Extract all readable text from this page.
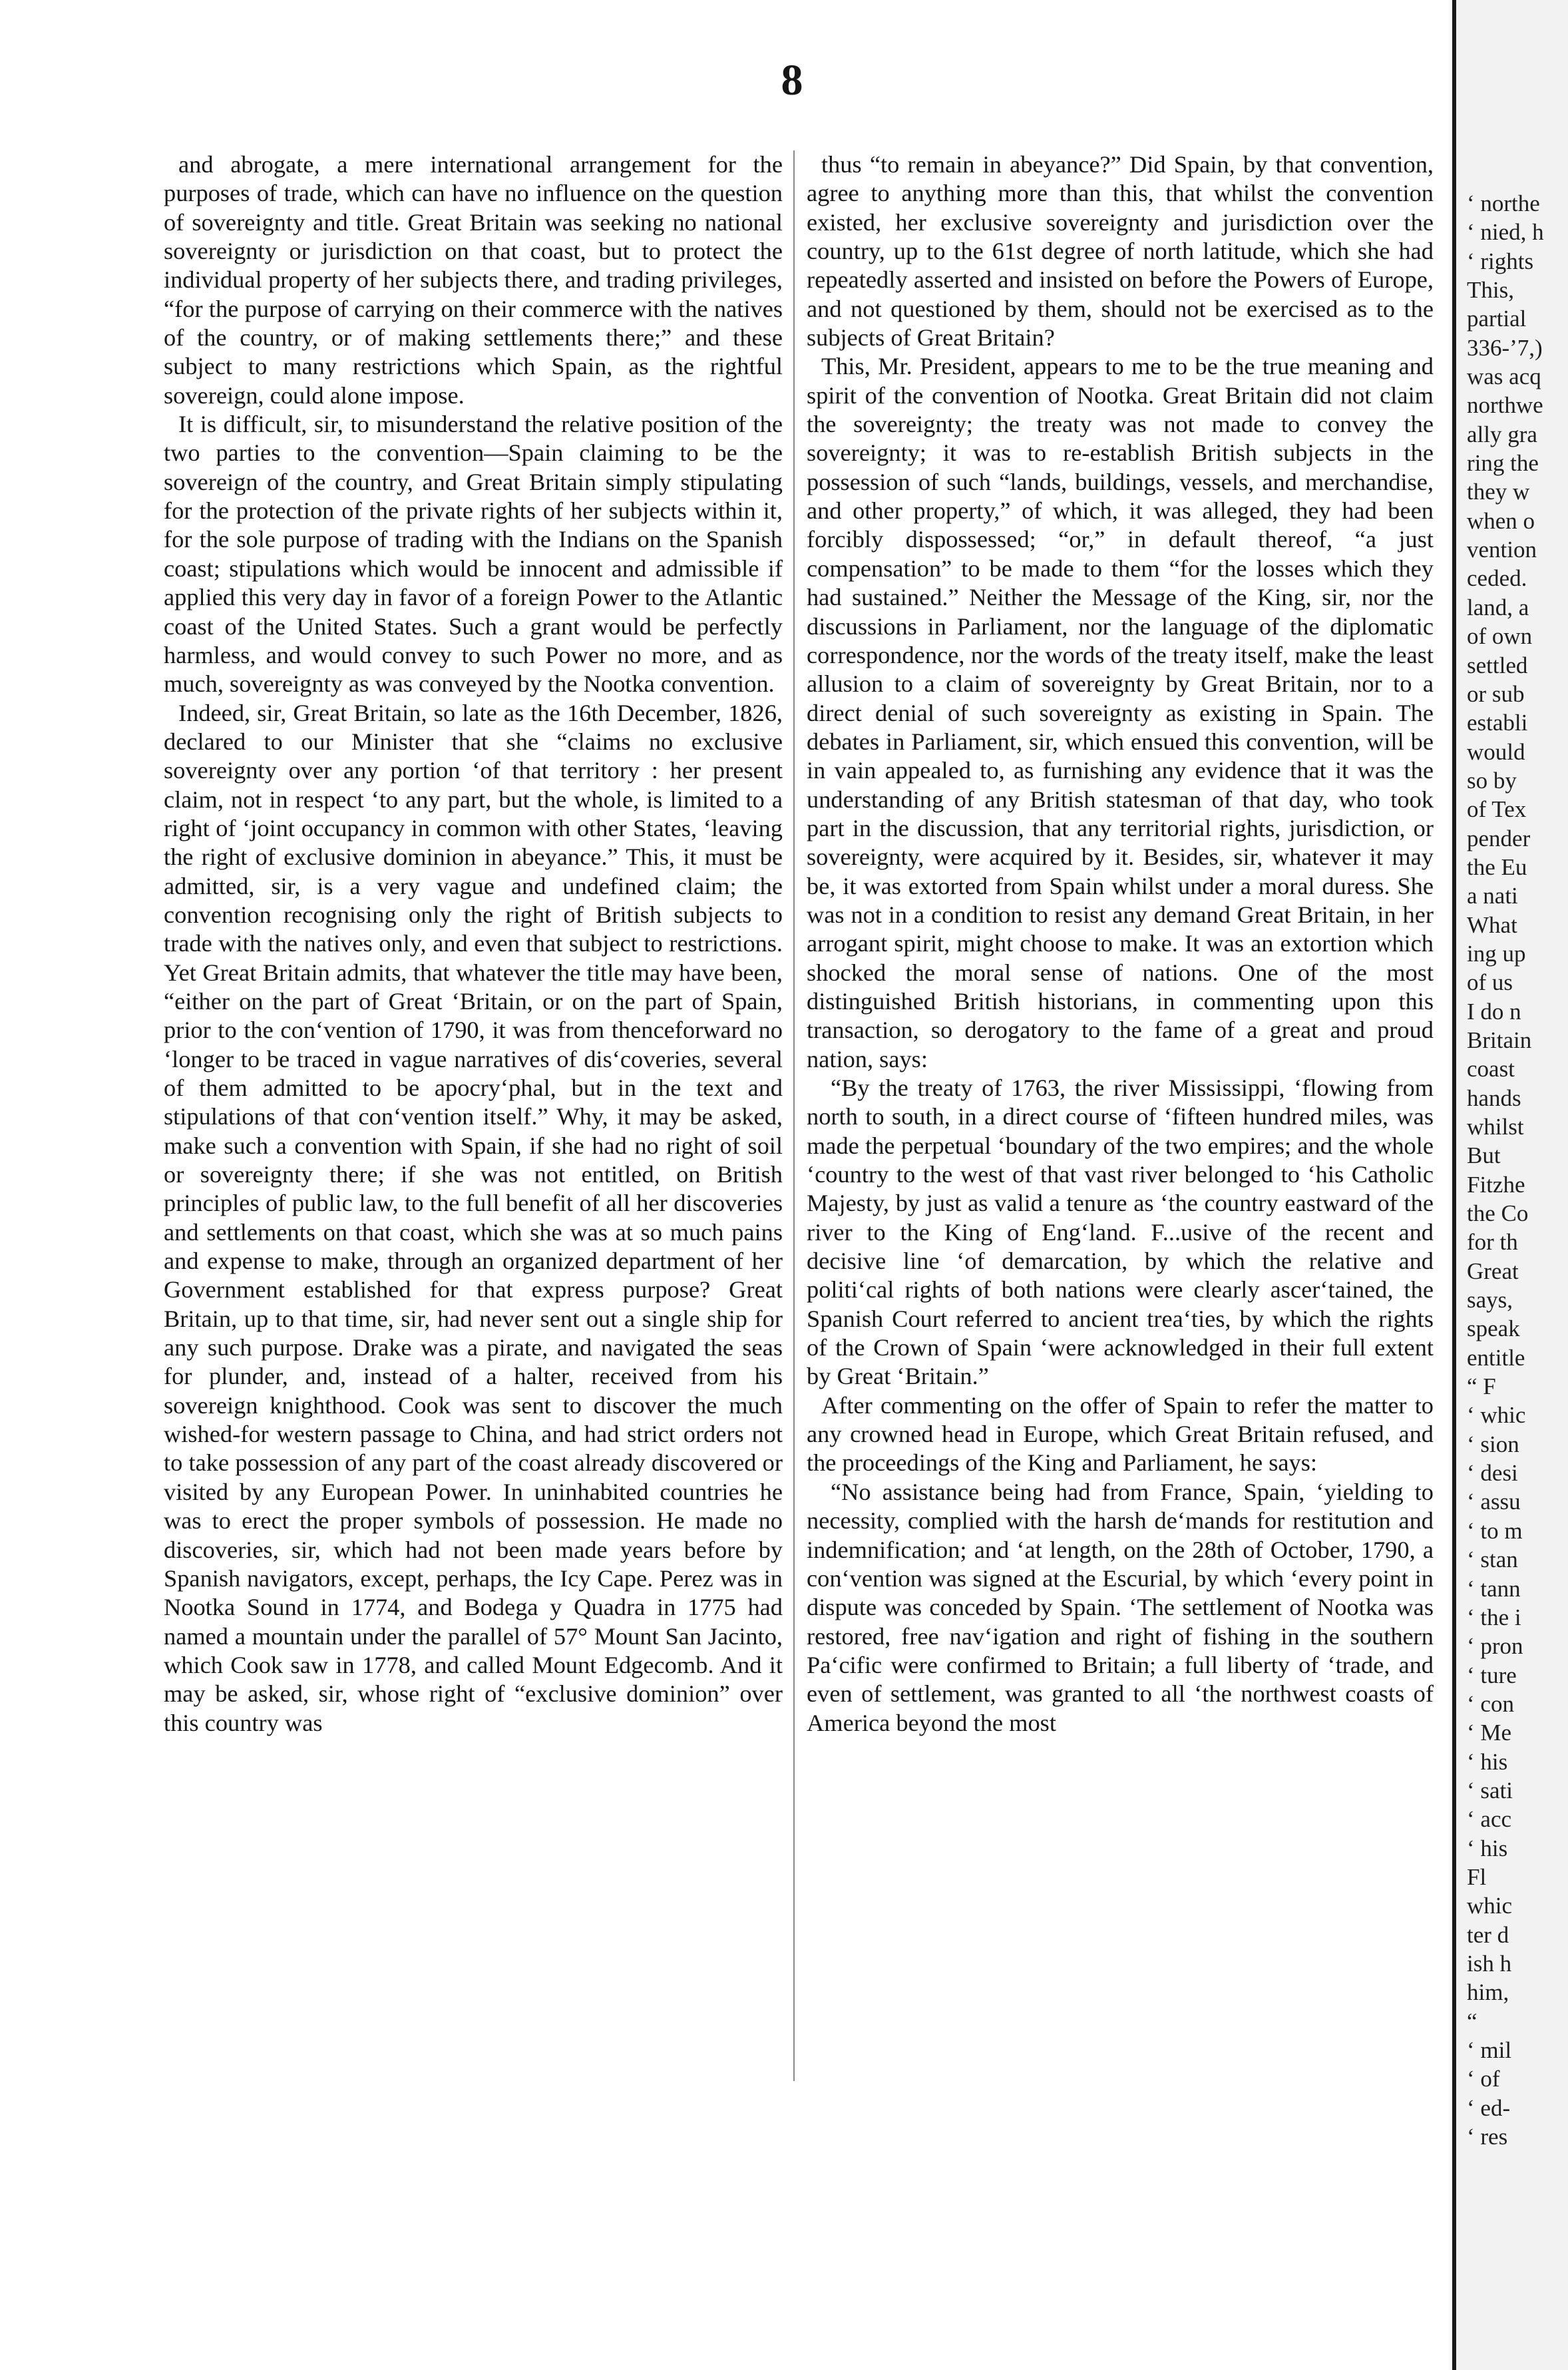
8

and abrogate, a mere international arrangement for the purposes of trade, which can have no influence on the question of sovereignty and title. Great Britain was seeking no national sovereignty or jurisdiction on that coast, but to protect the individual property of her subjects there, and trading privileges, “for the purpose of carrying on their commerce with the natives of the country, or of making settlements there;” and these subject to many restrictions which Spain, as the rightful sovereign, could alone impose.

It is difficult, sir, to misunderstand the relative position of the two parties to the convention—Spain claiming to be the sovereign of the country, and Great Britain simply stipulating for the protection of the private rights of her subjects within it, for the sole purpose of trading with the Indians on the Spanish coast; stipulations which would be innocent and admissible if applied this very day in favor of a foreign Power to the Atlantic coast of the United States. Such a grant would be perfectly harmless, and would convey to such Power no more, and as much, sovereignty as was conveyed by the Nootka convention.

Indeed, sir, Great Britain, so late as the 16th December, 1826, declared to our Minister that she “claims no exclusive sovereignty over any portion ‘of that territory : her present claim, not in respect ‘to any part, but the whole, is limited to a right of ‘joint occupancy in common with other States, ‘leaving the right of exclusive dominion in abeyance.” This, it must be admitted, sir, is a very vague and undefined claim; the convention recognising only the right of British subjects to trade with the natives only, and even that subject to restrictions. Yet Great Britain admits, that whatever the title may have been, “either on the part of Great ‘Britain, or on the part of Spain, prior to the con‘vention of 1790, it was from thenceforward no ‘longer to be traced in vague narratives of dis‘coveries, several of them admitted to be apocry‘phal, but in the text and stipulations of that con‘vention itself.” Why, it may be asked, make such a convention with Spain, if she had no right of soil or sovereignty there; if she was not entitled, on British principles of public law, to the full benefit of all her discoveries and settlements on that coast, which she was at so much pains and expense to make, through an organized department of her Government established for that express purpose? Great Britain, up to that time, sir, had never sent out a single ship for any such purpose. Drake was a pirate, and navigated the seas for plunder, and, instead of a halter, received from his sovereign knighthood. Cook was sent to discover the much wished-for western passage to China, and had strict orders not to take possession of any part of the coast already discovered or visited by any European Power. In uninhabited countries he was to erect the proper symbols of possession. He made no discoveries, sir, which had not been made years before by Spanish navigators, except, perhaps, the Icy Cape. Perez was in Nootka Sound in 1774, and Bodega y Quadra in 1775 had named a mountain under the parallel of 57° Mount San Jacinto, which Cook saw in 1778, and called Mount Edgecomb. And it may be asked, sir, whose right of “exclusive dominion” over this country was

thus “to remain in abeyance?” Did Spain, by that convention, agree to anything more than this, that whilst the convention existed, her exclusive sovereignty and jurisdiction over the country, up to the 61st degree of north latitude, which she had repeatedly asserted and insisted on before the Powers of Europe, and not questioned by them, should not be exercised as to the subjects of Great Britain?

This, Mr. President, appears to me to be the true meaning and spirit of the convention of Nootka. Great Britain did not claim the sovereignty; the treaty was not made to convey the sovereignty; it was to re-establish British subjects in the possession of such “lands, buildings, vessels, and merchandise, and other property,” of which, it was alleged, they had been forcibly dispossessed; “or,” in default thereof, “a just compensation” to be made to them “for the losses which they had sustained.” Neither the Message of the King, sir, nor the discussions in Parliament, nor the language of the diplomatic correspondence, nor the words of the treaty itself, make the least allusion to a claim of sovereignty by Great Britain, nor to a direct denial of such sovereignty as existing in Spain. The debates in Parliament, sir, which ensued this convention, will be in vain appealed to, as furnishing any evidence that it was the understanding of any British statesman of that day, who took part in the discussion, that any territorial rights, jurisdiction, or sovereignty, were acquired by it. Besides, sir, whatever it may be, it was extorted from Spain whilst under a moral duress. She was not in a condition to resist any demand Great Britain, in her arrogant spirit, might choose to make. It was an extortion which shocked the moral sense of nations. One of the most distinguished British historians, in commenting upon this transaction, so derogatory to the fame of a great and proud nation, says:

“By the treaty of 1763, the river Mississippi, ‘flowing from north to south, in a direct course of ‘fifteen hundred miles, was made the perpetual ‘boundary of the two empires; and the whole ‘country to the west of that vast river belonged to ‘his Catholic Majesty, by just as valid a tenure as ‘the country eastward of the river to the King of Eng‘land. F...usive of the recent and decisive line ‘of demarcation, by which the relative and politi‘cal rights of both nations were clearly ascer‘tained, the Spanish Court referred to ancient trea‘ties, by which the rights of the Crown of Spain ‘were acknowledged in their full extent by Great ‘Britain.”

After commenting on the offer of Spain to refer the matter to any crowned head in Europe, which Great Britain refused, and the proceedings of the King and Parliament, he says:

“No assistance being had from France, Spain, ‘yielding to necessity, complied with the harsh de‘mands for restitution and indemnification; and ‘at length, on the 28th of October, 1790, a con‘vention was signed at the Escurial, by which ‘every point in dispute was conceded by Spain. ‘The settlement of Nootka was restored, free nav‘igation and right of fishing in the southern Pa‘cific were confirmed to Britain; a full liberty of ‘trade, and even of settlement, was granted to all ‘the northwest coasts of America beyond the most

‘ northe
‘ nied, h
‘ rights
This,
partial
336-’7,)
was acq
northwe
ally gra
ring the
they w
when o
vention
ceded.
land, a
of own
settled
or sub
establi
would
so by
of Tex
pender
the Eu
a nati
What
ing up
of us
I do n
Britain
coast
hands
whilst
But
Fitzhe
the Co
for th
Great
says,
speak
entitle
“ F
‘ whic
‘ sion
‘ desi
‘ assu
‘ to m
‘ stan
‘ tann
‘ the i
‘ pron
‘ ture
‘ con
‘ Me
‘ his
‘ sati
‘ acc
‘ his
Fl
whic
ter d
ish h
him,
“
‘ mil
‘ of
‘ ed-
‘ res
